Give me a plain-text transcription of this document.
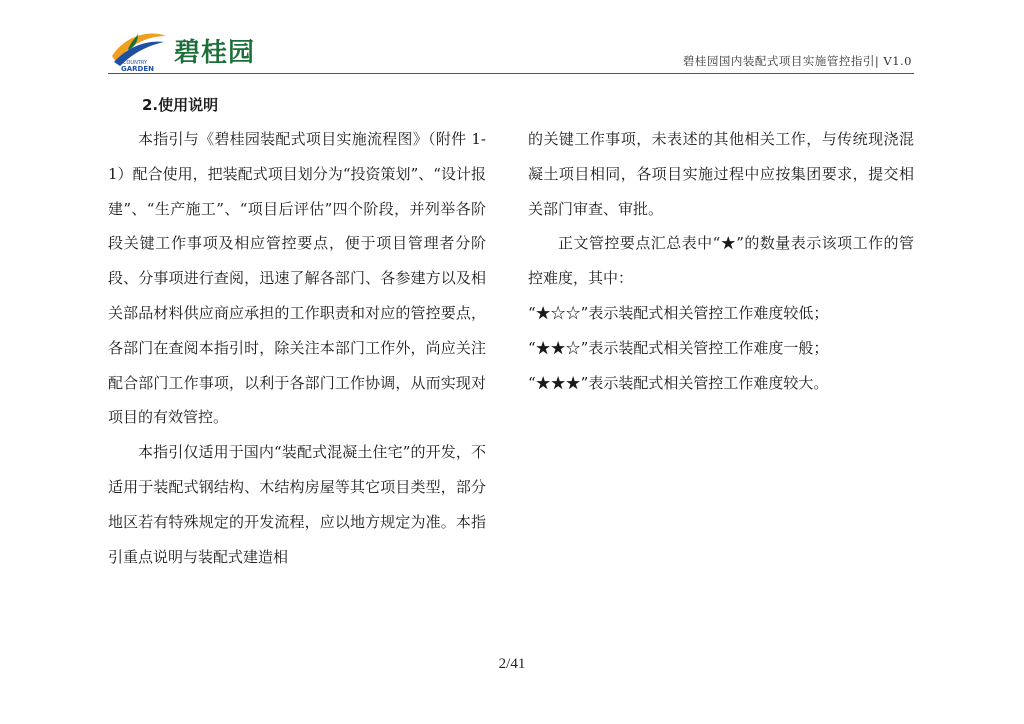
COUNTRY
GARDEN
碧桂园	碧桂园国内装配式项目实施管控指引| V1.0
2.使用说明

本指引与《碧桂园装配式项目实施流程图》（附件 1-1）配合使用，把装配式项目划分为“投资策划”、“设计报建”、“生产施工”、“项目后评估”四个阶段，并列举各阶段关键工作事项及相应管控要点，便于项目管理者分阶段、分事项进行查阅，迅速了解各部门、各参建方以及相关部品材料供应商应承担的工作职责和对应的管控要点，各部门在查阅本指引时，除关注本部门工作外，尚应关注配合部门工作事项，以利于各部门工作协调，从而实现对项目的有效管控。

本指引仅适用于国内“装配式混凝土住宅”的开发，不适用于装配式钢结构、木结构房屋等其它项目类型，部分地区若有特殊规定的开发流程，应以地方规定为准。本指引重点说明与装配式建造相

的关键工作事项，未表述的其他相关工作，与传统现浇混凝土项目相同，各项目实施过程中应按集团要求，提交相关部门审查、审批。

正文管控要点汇总表中“★”的数量表示该项工作的管控难度，其中：

“★☆☆”表示装配式相关管控工作难度较低；

“★★☆”表示装配式相关管控工作难度一般；

“★★★”表示装配式相关管控工作难度较大。

2/41
